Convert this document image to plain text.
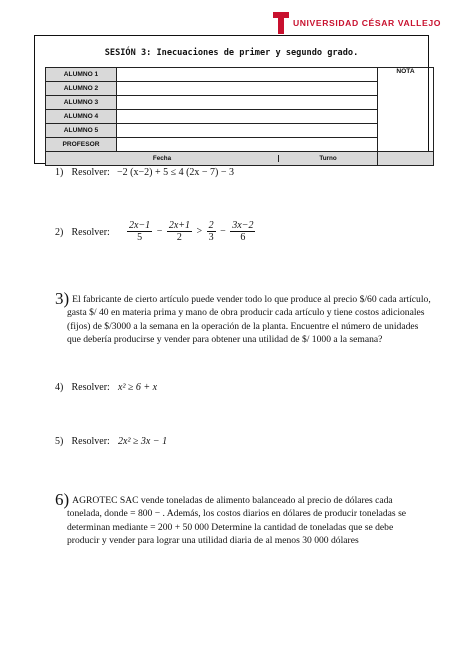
UNIVERSIDAD CÉSAR VALLEJO
SESIÓN 3: Inecuaciones de primer y segundo grado.
ALUMNO 1		NOTA
ALUMNO 2		
ALUMNO 3		
ALUMNO 4		
ALUMNO 5		
PROFESOR		

Fecha Turno		

1) Resolver: −2 (x−2) + 5 ≤ 4 (2x − 7) − 3
2) Resolver: $\frac{2x-1}{5} - \frac{2x+1}{2} > \frac{2}{3} - \frac{3x-2}{6}$
3) El fabricante de cierto artículo puede vender todo lo que produce al precio $/60 cada artículo,
gasta $/ 40 en materia prima y mano de obra producir cada artículo y tiene costos adicionales
(fijos) de $/3000 a la semana en la operación de la planta. Encuentre el número de unidades
que debería producirse y vender para obtener una utilidad de $/ 1000 a la semana?
4) Resolver: x² ≥ 6 + x
5) Resolver: 2x² ≥ 3x − 1
6) AGROTEC SAC vende toneladas de alimento balanceado al precio de dólares cada
tonelada, donde = 800 − . Además, los costos diarios en dólares de producir toneladas se
determinan mediante = 200 + 50 000 Determine la cantidad de toneladas que se debe
producir y vender para lograr una utilidad diaria de al menos 30 000 dólares
